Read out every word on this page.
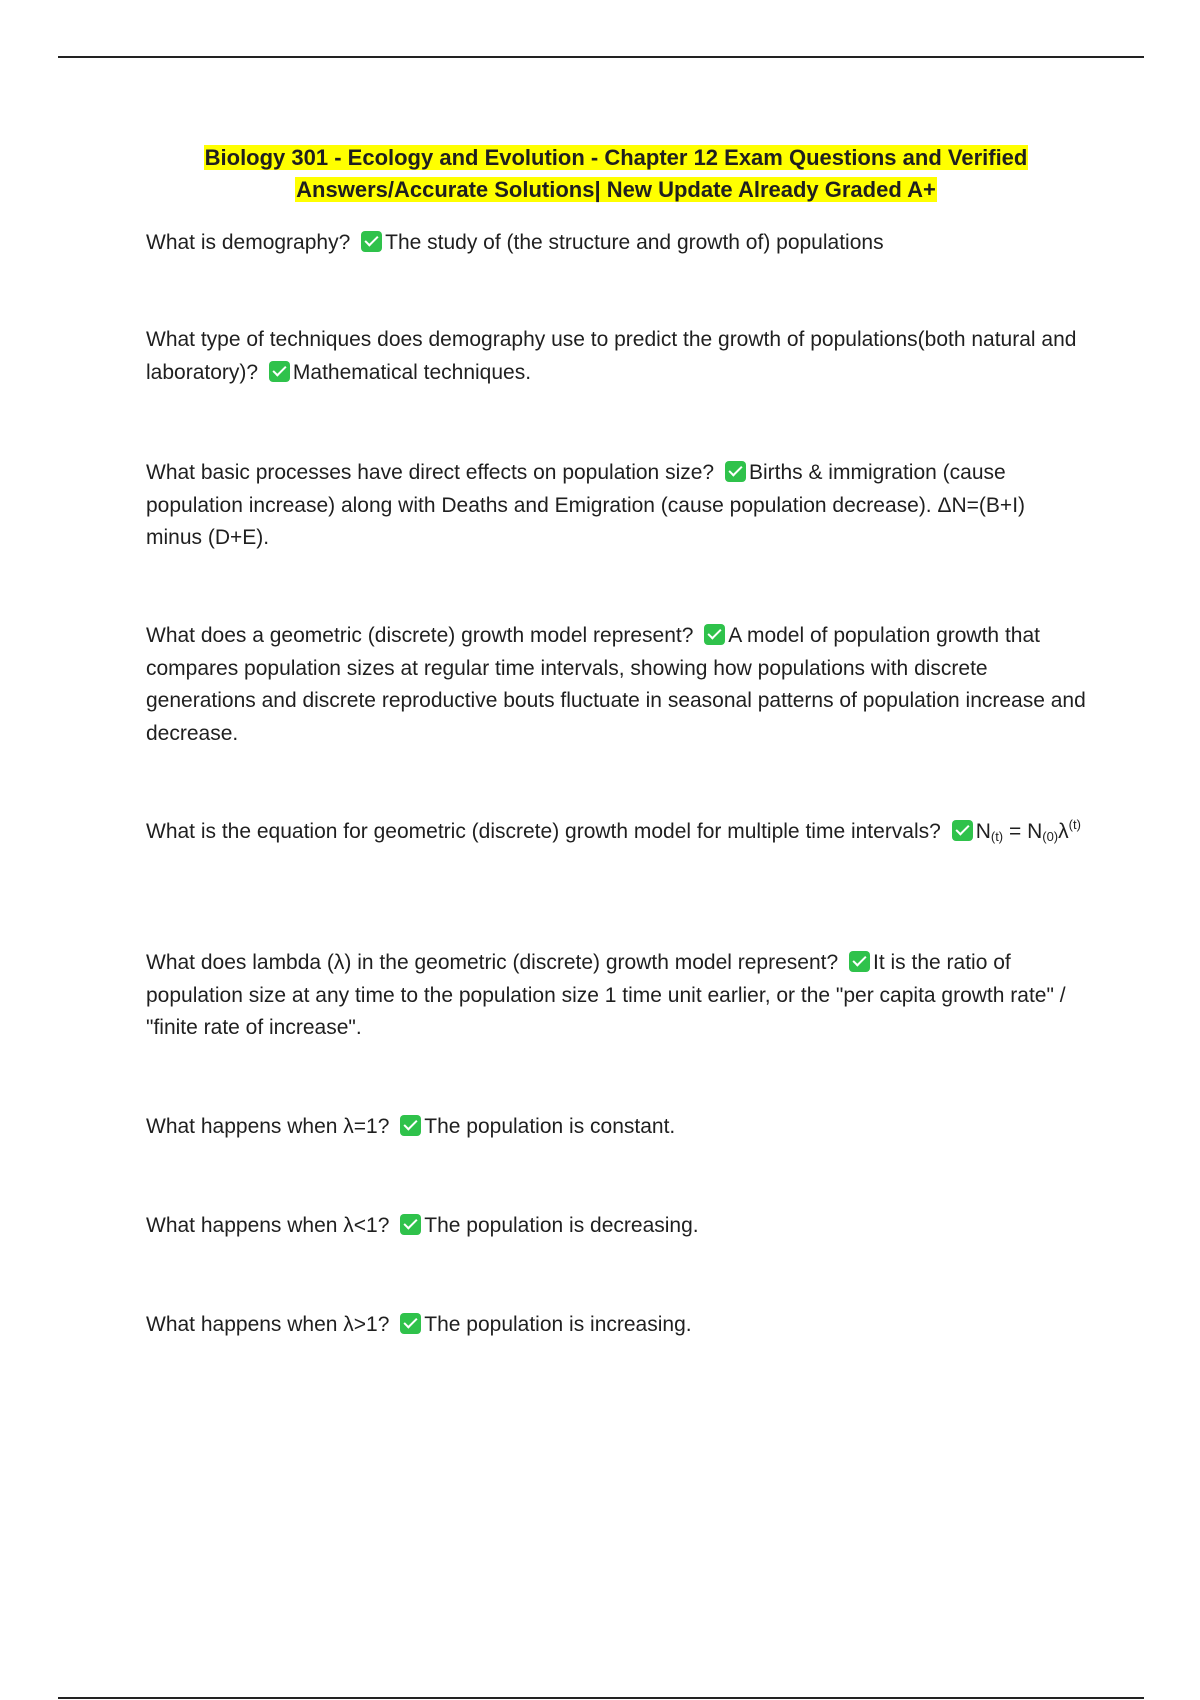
Biology 301 - Ecology and Evolution - Chapter 12 Exam Questions and Verified
Answers/Accurate Solutions| New Update Already Graded A+
What is demography? The study of (the structure and growth of) populations
What type of techniques does demography use to predict the growth of populations(both natural and laboratory)? Mathematical techniques.
What basic processes have direct effects on population size? Births & immigration (cause population increase) along with Deaths and Emigration (cause population decrease). ΔN=(B+I) minus (D+E).
What does a geometric (discrete) growth model represent? A model of population growth that compares population sizes at regular time intervals, showing how populations with discrete generations and discrete reproductive bouts fluctuate in seasonal patterns of population increase and decrease.
What is the equation for geometric (discrete) growth model for multiple time intervals? $N_{(t)} = N_{(0)}\lambda^{(t)}$
What does lambda (λ) in the geometric (discrete) growth model represent? It is the ratio of population size at any time to the population size 1 time unit earlier, or the "per capita growth rate" / "finite rate of increase".
What happens when λ=1? The population is constant.
What happens when λ<1? The population is decreasing.
What happens when λ>1? The population is increasing.
